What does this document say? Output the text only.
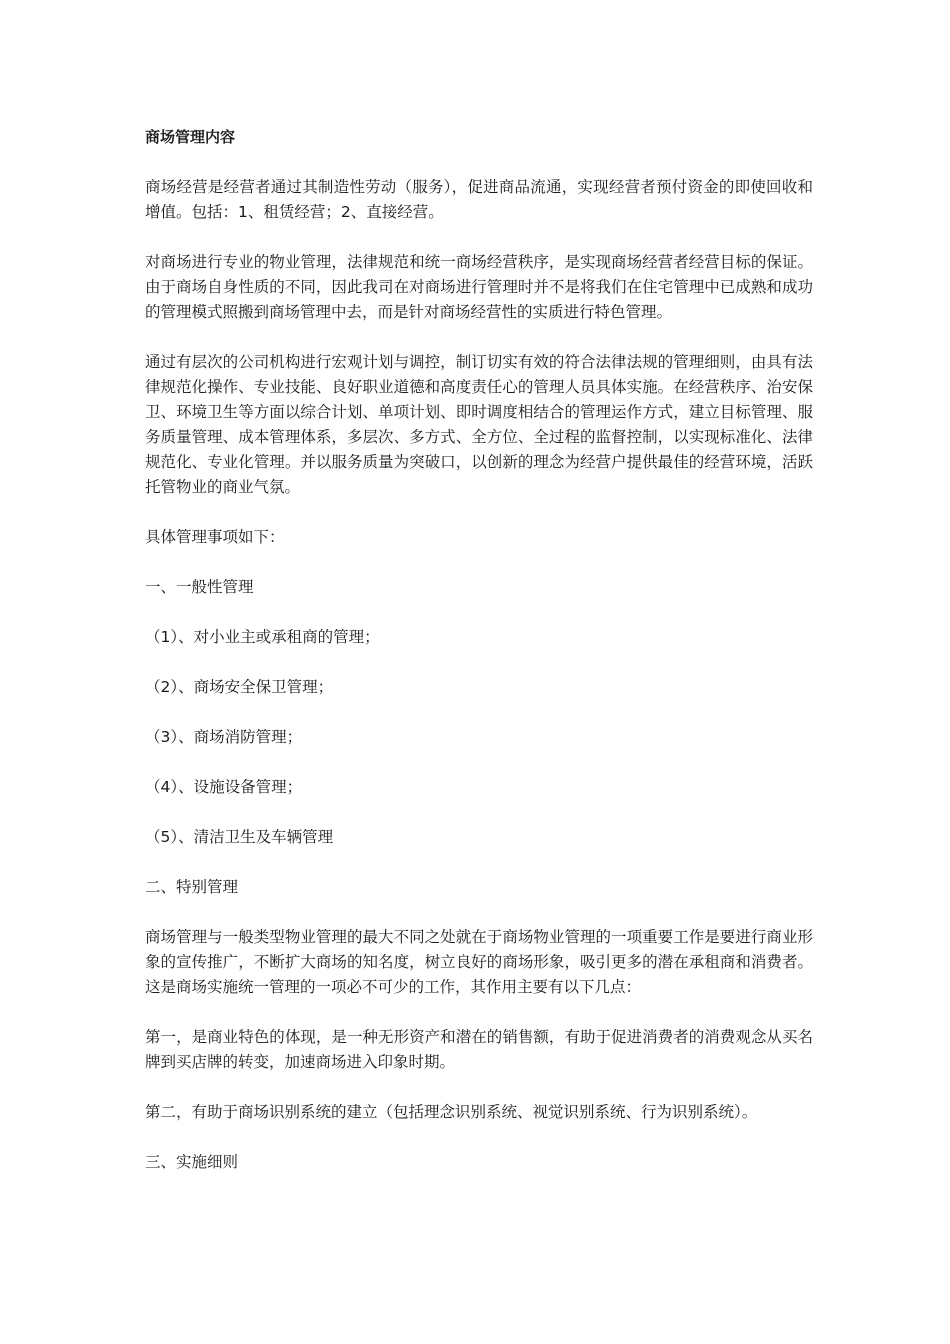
商场管理内容

商场经营是经营者通过其制造性劳动（服务），促进商品流通，实现经营者预付资金的即使回收和增值。包括：1、租赁经营；2、直接经营。

对商场进行专业的物业管理，法律规范和统一商场经营秩序，是实现商场经营者经营目标的保证。由于商场自身性质的不同，因此我司在对商场进行管理时并不是将我们在住宅管理中已成熟和成功的管理模式照搬到商场管理中去，而是针对商场经营性的实质进行特色管理。

通过有层次的公司机构进行宏观计划与调控，制订切实有效的符合法律法规的管理细则，由具有法律规范化操作、专业技能、良好职业道德和高度责任心的管理人员具体实施。在经营秩序、治安保卫、环境卫生等方面以综合计划、单项计划、即时调度相结合的管理运作方式，建立目标管理、服务质量管理、成本管理体系，多层次、多方式、全方位、全过程的监督控制，以实现标准化、法律规范化、专业化管理。并以服务质量为突破口，以创新的理念为经营户提供最佳的经营环境，活跃托管物业的商业气氛。

具体管理事项如下：

一、一般性管理

（1）、对小业主或承租商的管理；

（2）、商场安全保卫管理；

（3）、商场消防管理；

（4）、设施设备管理；

（5）、清洁卫生及车辆管理

二、特别管理

商场管理与一般类型物业管理的最大不同之处就在于商场物业管理的一项重要工作是要进行商业形象的宣传推广，不断扩大商场的知名度，树立良好的商场形象，吸引更多的潜在承租商和消费者。这是商场实施统一管理的一项必不可少的工作，其作用主要有以下几点：

第一，是商业特色的体现，是一种无形资产和潜在的销售额，有助于促进消费者的消费观念从买名牌到买店牌的转变，加速商场进入印象时期。

第二，有助于商场识别系统的建立（包括理念识别系统、视觉识别系统、行为识别系统）。

三、实施细则
